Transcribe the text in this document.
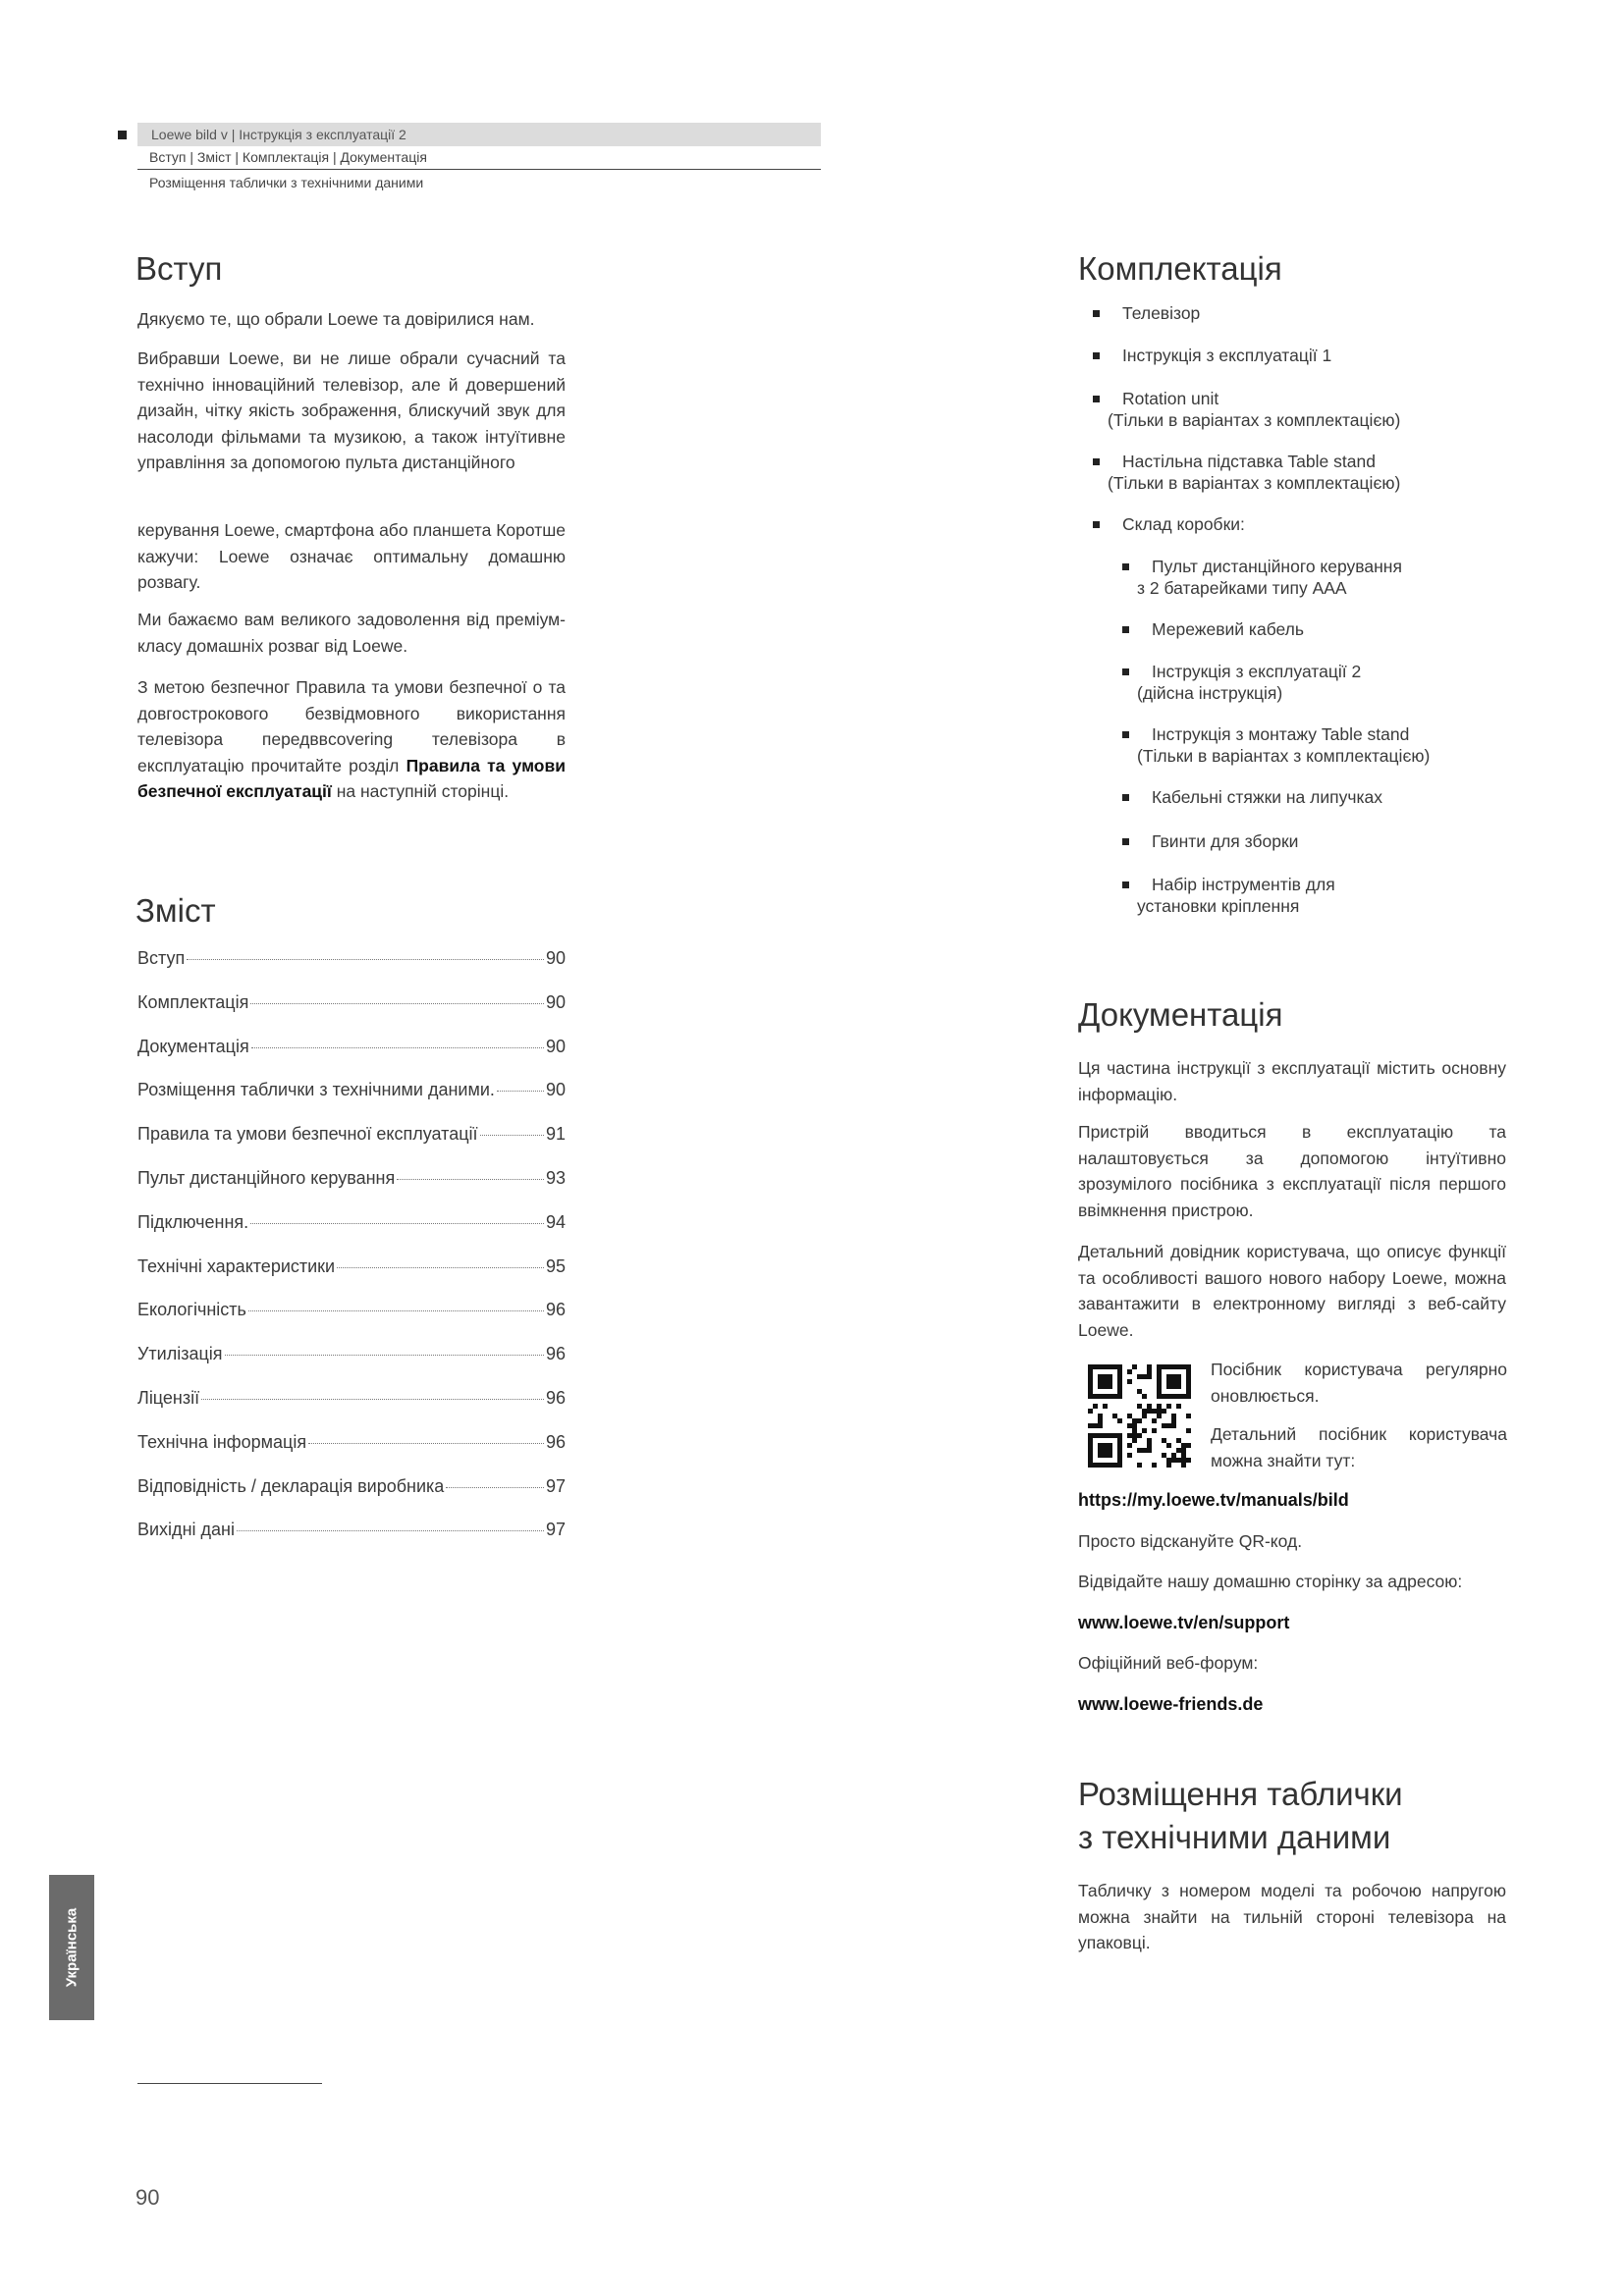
Loewe bild v | Інструкція з експлуатації 2
Вступ | Зміст | Комплектація | Документація
Розміщення таблички з технічними даними
Вступ

Дякуємо те, що обрали Loewe та довірилися нам.

Вибравши Loewe, ви не лише обрали сучасний та технічно інноваційний телевізор, але й довершений дизайн, чітку якість зображення, блискучий звук для насолоди фільмами та музикою, а також інтуїтивне управління за допомогою пульта дистанційного

керування Loewe, смартфона або планшета Коротше кажучи: Loewe означає оптимальну домашню розвагу.

Ми бажаємо вам великого задоволення від преміум-класу домашніх розваг від Loewe.

З метою безпечног Правила та умови безпечної о та довгострокового безвідмовного використання телевізора передввcovering телевізора в експлуатацію прочитайте розділ Правила та умови безпечної експлуатації на наступній сторінці.

Зміст
Вступ	90
Комплектація	90
Документація	90
Розміщення таблички з технічними даними.	90
Правила та умови безпечної експлуатації	91
Пульт дистанційного керування	93
Підключення.	94
Технічні характеристики	95
Екологічність	96
Утилізація	96
Ліцензії	96
Технічна інформація	96
Відповідність / декларація виробника	97
Вихідні дані	97
Комплектація
Телевізор
Інструкція з експлуатації 1
Rotation unit
(Тільки в варіантах з комплектацією)
Настільна підставка Table stand
(Тільки в варіантах з комплектацією)
Склад коробки:
Пульт дистанційного керування
з 2 батарейками типу AAA
Мережевий кабель
Інструкція з експлуатації 2
(дійсна інструкція)
Інструкція з монтажу Table stand
(Тільки в варіантах з комплектацією)
Кабельні стяжки на липучках
Гвинти для зборки
Набір інструментів для
установки кріплення
Документація

Ця частина інструкції з експлуатації містить основну інформацію.

Пристрій вводиться в експлуатацію та налаштовується за допомогою інтуїтивно зрозумілого посібника з експлуатації після першого ввімкнення пристрою.

Детальний довідник користувача, що описує функції та особливості вашого нового набору Loewe, можна завантажити в електронному вигляді з веб-сайту Loewe.

Посібник користувача регулярно оновлюється.

Детальний посібник користувача можна знайти тут:

https://my.loewe.tv/manuals/bild
Просто відскануйте QR-код.
Відвідайте нашу домашню сторінку за адресою:
www.loewe.tv/en/support
Офіційний веб-форум:
www.loewe-friends.de
Розміщення таблички
з технічними даними

Табличку з номером моделі та робочою напругою можна знайти на тильній стороні телевізора на упаковці.

Українська
90
